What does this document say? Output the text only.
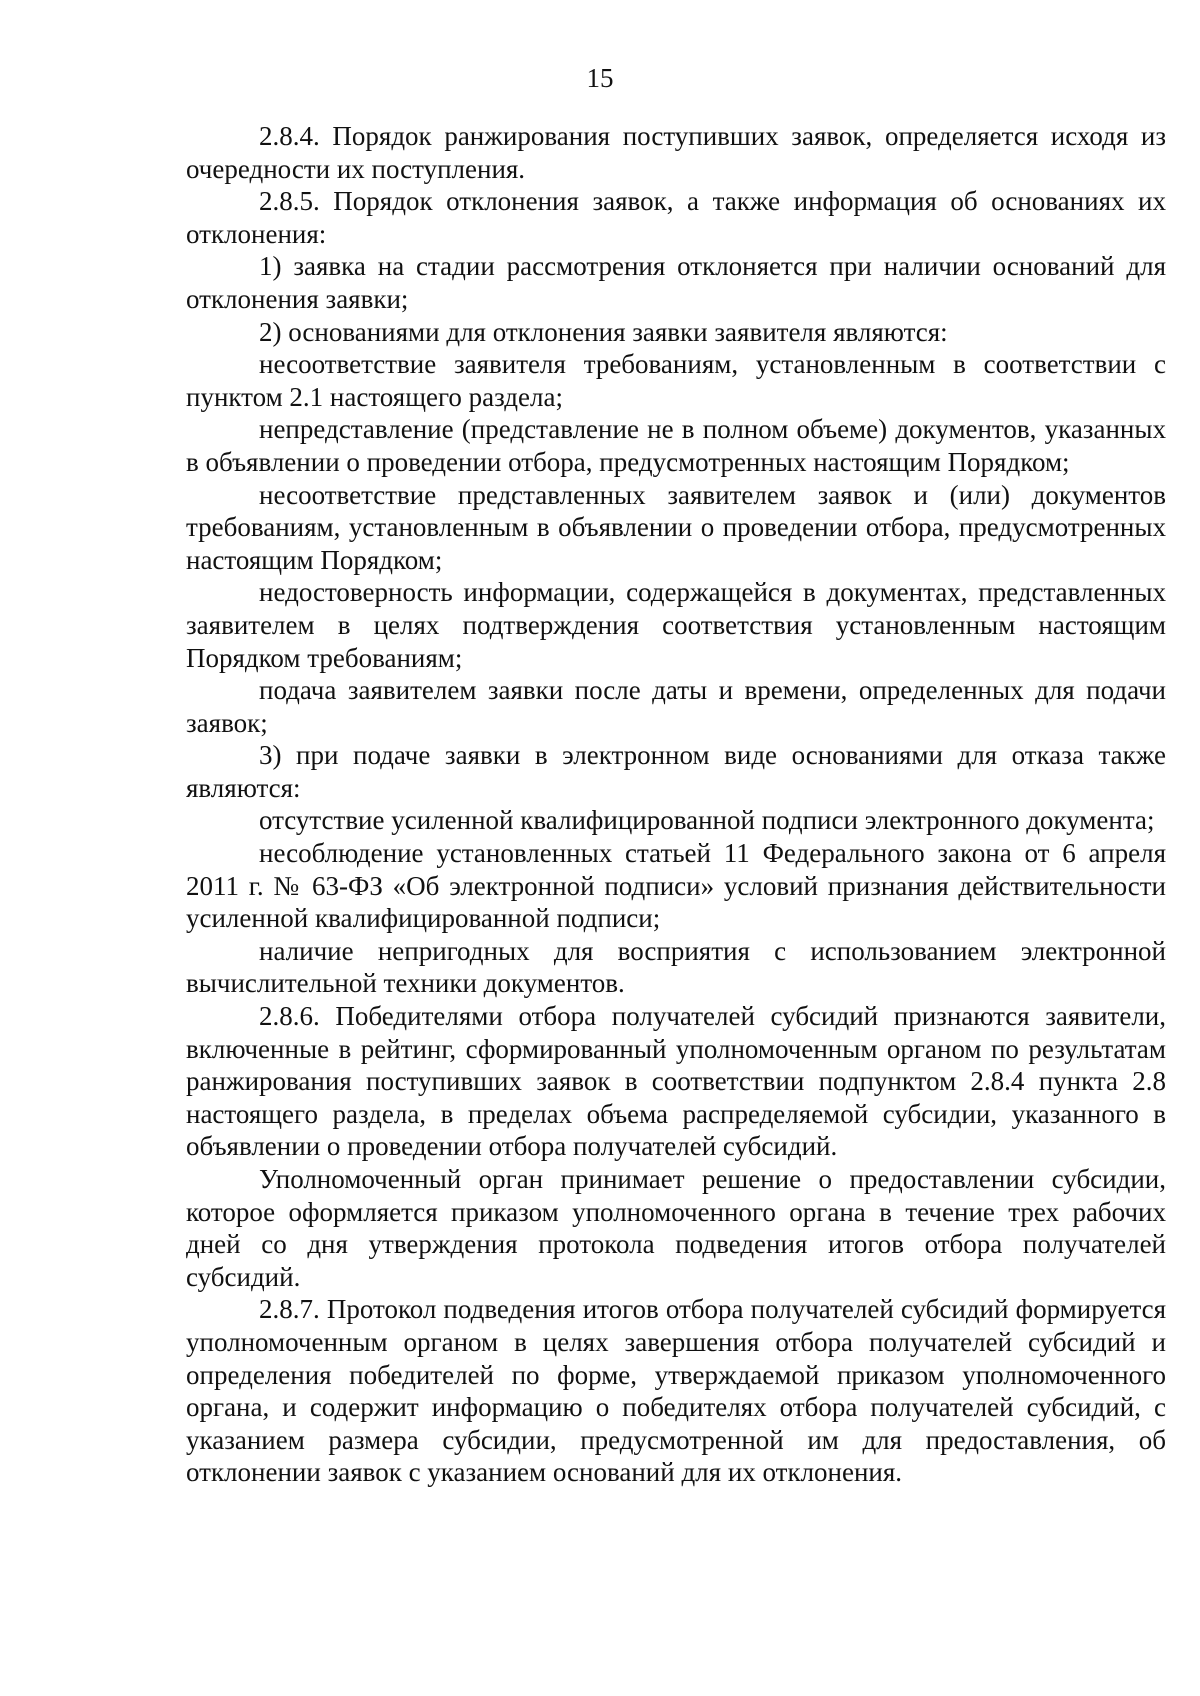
15

2.8.4. Порядок ранжирования поступивших заявок, определяется исходя из очередности их поступления.

2.8.5. Порядок отклонения заявок, а также информация об основаниях их отклонения:

1) заявка на стадии рассмотрения отклоняется при наличии оснований для отклонения заявки;

2) основаниями для отклонения заявки заявителя являются:

несоответствие заявителя требованиям, установленным в соответствии с пунктом 2.1 настоящего раздела;

непредставление (представление не в полном объеме) документов, указанных в объявлении о проведении отбора, предусмотренных настоящим Порядком;

несоответствие представленных заявителем заявок и (или) документов требованиям, установленным в объявлении о проведении отбора, предусмотренных настоящим Порядком;

недостоверность информации, содержащейся в документах, представленных заявителем в целях подтверждения соответствия установленным настоящим Порядком требованиям;

подача заявителем заявки после даты и времени, определенных для подачи заявок;

3) при подаче заявки в электронном виде основаниями для отказа также являются:

отсутствие усиленной квалифицированной подписи электронного документа;

несоблюдение установленных статьей 11 Федерального закона от 6 апреля 2011 г. № 63-ФЗ «Об электронной подписи» условий признания действительности усиленной квалифицированной подписи;

наличие непригодных для восприятия с использованием электронной вычислительной техники документов.

2.8.6. Победителями отбора получателей субсидий признаются заявители, включенные в рейтинг, сформированный уполномоченным органом по результатам ранжирования поступивших заявок в соответствии подпунктом 2.8.4 пункта 2.8 настоящего раздела, в пределах объема распределяемой субсидии, указанного в объявлении о проведении отбора получателей субсидий.

Уполномоченный орган принимает решение о предоставлении субсидии, которое оформляется приказом уполномоченного органа в течение трех рабочих дней со дня утверждения протокола подведения итогов отбора получателей субсидий.

2.8.7. Протокол подведения итогов отбора получателей субсидий формируется уполномоченным органом в целях завершения отбора получателей субсидий и определения победителей по форме, утверждаемой приказом уполномоченного органа, и содержит информацию о победителях отбора получателей субсидий, с указанием размера субсидии, предусмотренной им для предоставления, об отклонении заявок с указанием оснований для их отклонения.
